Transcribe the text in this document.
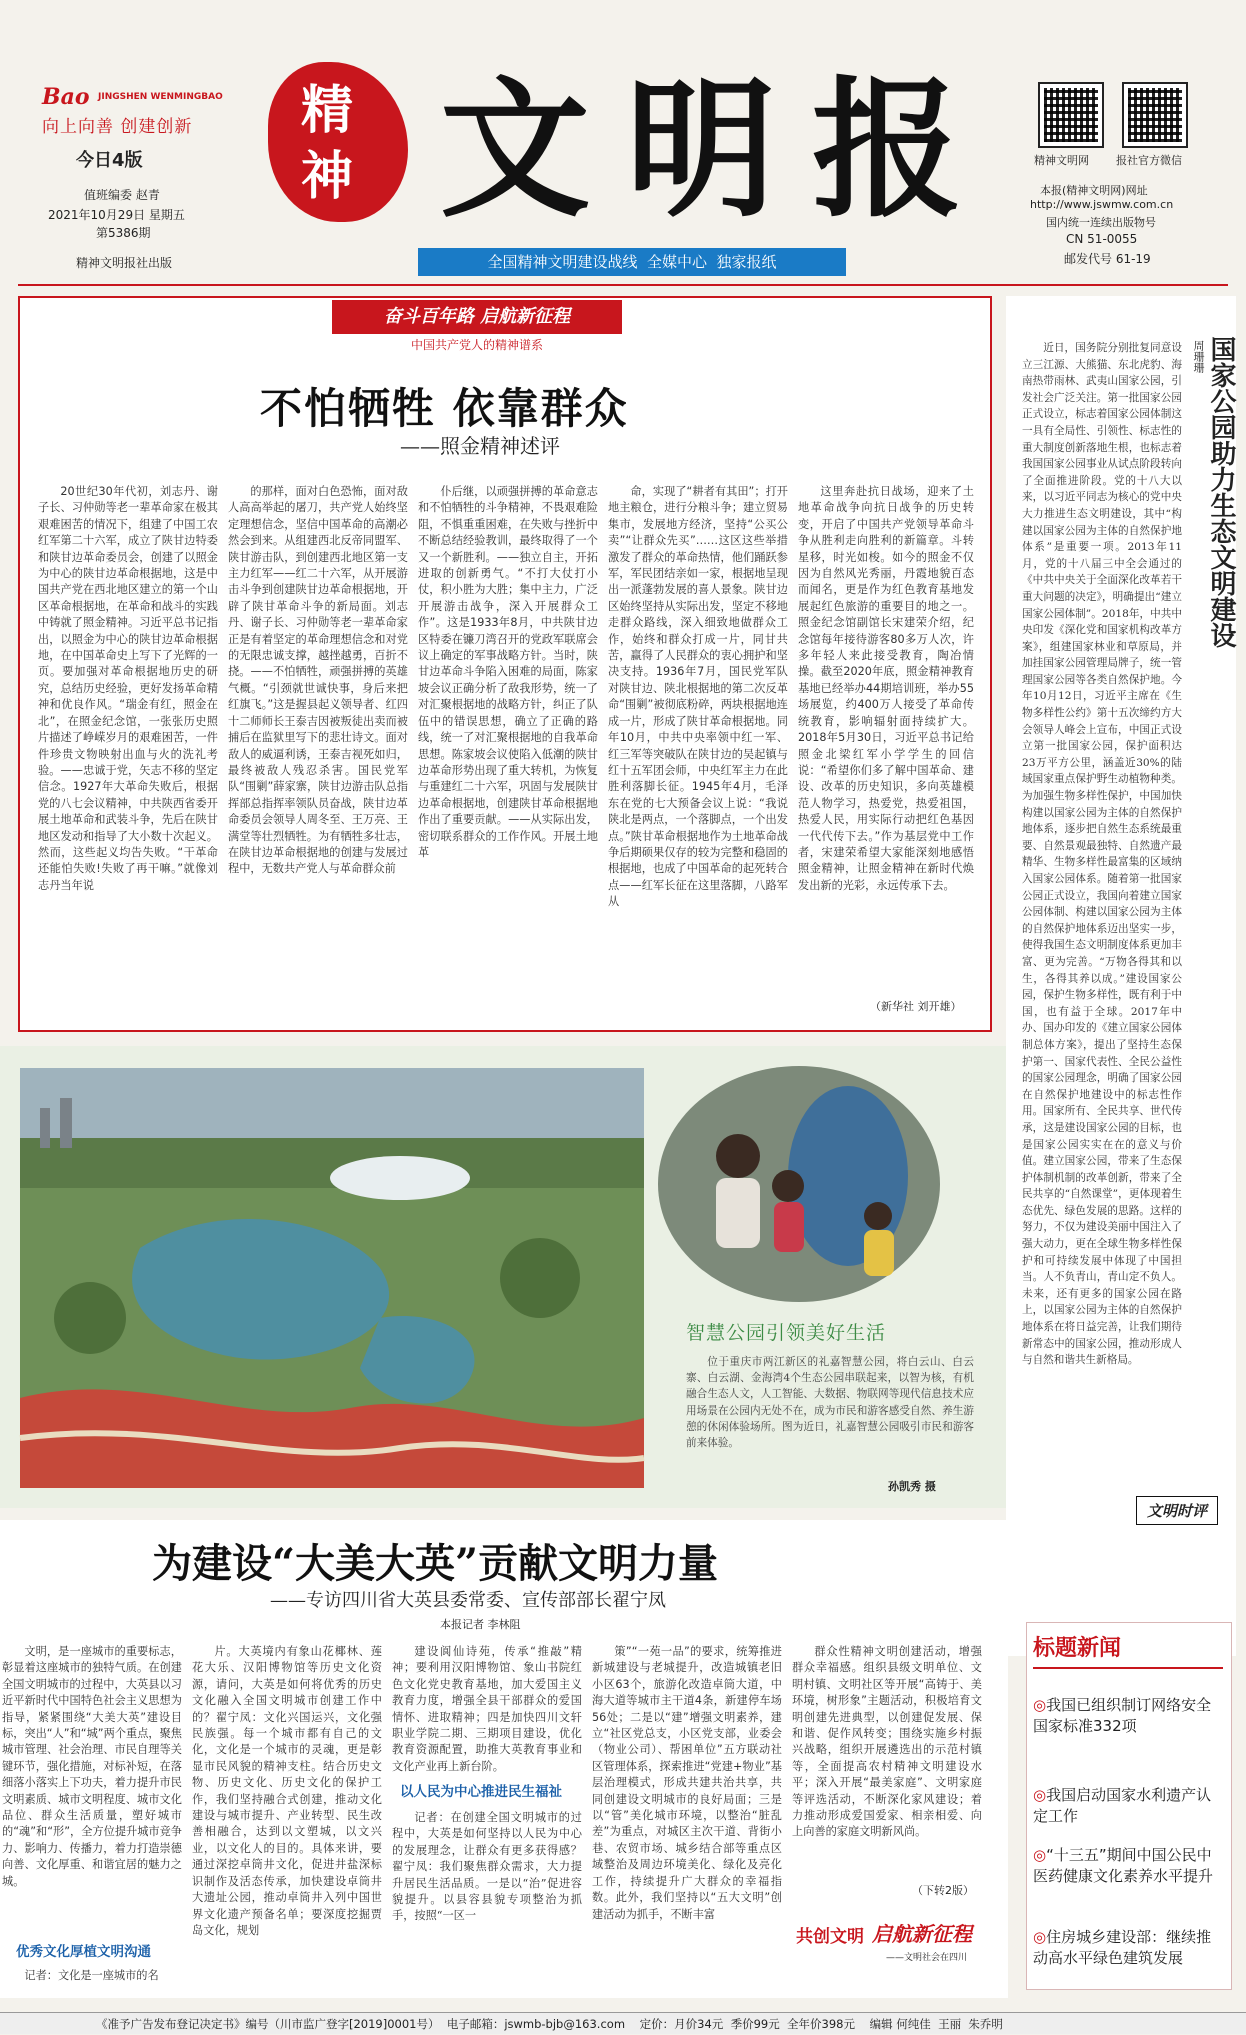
Bao JINGSHEN WENMINGBAO
向上向善 创建创新
今日4版
值班编委 赵青
2021年10月29日 星期五
第5386期
精神文明报社出版
精神 文明报
全国精神文明建设战线  全媒中心  独家报纸
精神文明网 报社官方微信
本报(精神文明网)网址
http://www.jswmw.com.cn
国内统一连续出版物号
CN 51-0055
邮发代号 61-19
奋斗百年路 启航新征程
中国共产党人的精神谱系
不怕牺牲 依靠群众
——照金精神述评

20世纪30年代初，刘志丹、谢子长、习仲勋等老一辈革命家在极其艰难困苦的情况下，组建了中国工农红军第二十六军，成立了陕甘边特委和陕甘边革命委员会，创建了以照金为中心的陕甘边革命根据地，这是中国共产党在西北地区建立的第一个山区革命根据地，在革命和战斗的实践中铸就了照金精神。习近平总书记指出，以照金为中心的陕甘边革命根据地，在中国革命史上写下了光辉的一页。要加强对革命根据地历史的研究，总结历史经验，更好发扬革命精神和优良作风。“瑞金有红，照金在北”，在照金纪念馆，一张张历史照片描述了峥嵘岁月的艰难困苦，一件件珍贵文物映射出血与火的洗礼考验。——忠诚于党，矢志不移的坚定信念。1927年大革命失败后，根据党的八七会议精神，中共陕西省委开展土地革命和武装斗争，先后在陕甘地区发动和指导了大小数十次起义。然而，这些起义均告失败。“干革命还能怕失败!失败了再干嘛。”就像刘志丹当年说

的那样，面对白色恐怖，面对敌人高高举起的屠刀，共产党人始终坚定理想信念，坚信中国革命的高潮必然会到来。从组建西北反帝同盟军、陕甘游击队，到创建西北地区第一支主力红军——红二十六军，从开展游击斗争到创建陕甘边革命根据地，开辟了陕甘革命斗争的新局面。刘志丹、谢子长、习仲勋等老一辈革命家正是有着坚定的革命理想信念和对党的无限忠诚支撑，越挫越勇，百折不挠。——不怕牺牲，顽强拼搏的英雄气概。“引颈就世诚快事，身后来把红旗飞。”这是握县起义领导者、红四十二师师长王泰吉因被叛徒出卖而被捕后在监狱里写下的悲壮诗文。面对敌人的威逼利诱，王泰吉视死如归，最终被敌人残忍杀害。国民党军队“围剿”薛家寨，陕甘边游击队总指挥部总指挥率领队员奋战，陕甘边革命委员会领导人周冬至、王万亮、王满堂等壮烈牺牲。为有牺牲多壮志，在陕甘边革命根据地的创建与发展过程中，无数共产党人与革命群众前

仆后继，以顽强拼搏的革命意志和不怕牺牲的斗争精神，不畏艰难险阻，不惧重重困难，在失败与挫折中不断总结经验教训，最终取得了一个又一个新胜利。——独立自主，开拓进取的创新勇气。“不打大仗打小仗，积小胜为大胜；集中主力，广泛开展游击战争，深入开展群众工作”。这是1933年8月，中共陕甘边区特委在镰刀湾召开的党政军联席会议上确定的军事战略方针。当时，陕甘边革命斗争陷入困难的局面，陈家坡会议正确分析了敌我形势，统一了对汇聚根据地的战略方针，纠正了队伍中的错误思想，确立了正确的路线，统一了对汇聚根据地的自我革命思想。陈家坡会议使陷入低潮的陕甘边革命形势出现了重大转机，为恢复与重建红二十六军，巩固与发展陕甘边革命根据地，创建陕甘革命根据地作出了重要贡献。——从实际出发，密切联系群众的工作作风。开展土地革

命，实现了“耕者有其田”；打开地主粮仓，进行分粮斗争；建立贸易集市，发展地方经济，坚持“公买公卖”“让群众先买”……这区这些举措激发了群众的革命热情，他们踊跃参军，军民团结亲如一家，根据地呈现出一派蓬勃发展的喜人景象。陕甘边区始终坚持从实际出发，坚定不移地走群众路线，深入细致地做群众工作，始终和群众打成一片，同甘共苦，赢得了人民群众的衷心拥护和坚决支持。1936年7月，国民党军队对陕甘边、陕北根据地的第二次反革命“围剿”被彻底粉碎，两块根据地连成一片，形成了陕甘革命根据地。同年10月，中共中央率领中红一军、红三军等突破队在陕甘边的吴起镇与红十五军团会师，中央红军主力在此胜利落脚长征。1945年4月，毛泽东在党的七大预备会议上说：“我说陕北是两点，一个落脚点，一个出发点。”陕甘革命根据地作为土地革命战争后期硕果仅存的较为完整和稳固的根据地，也成了中国革命的起死转合点——红军长征在这里落脚，八路军从

这里奔赴抗日战场，迎来了土地革命战争向抗日战争的历史转变，开启了中国共产党领导革命斗争从胜利走向胜利的新篇章。斗转星移，时光如梭。如今的照金不仅因为自然风光秀丽，丹霞地貌百态而闻名，更是作为红色教育基地发展起红色旅游的重要目的地之一。照金纪念馆副馆长宋建荣介绍，纪念馆每年接待游客80多万人次，许多年轻人来此接受教育，陶冶情操。截至2020年底，照金精神教育基地已经举办44期培训班，举办55场展览，约400万人接受了革命传统教育，影响辐射面持续扩大。2018年5月30日，习近平总书记给照金北梁红军小学学生的回信说：“希望你们多了解中国革命、建设、改革的历史知识，多向英雄模范人物学习，热爱党，热爱祖国，热爱人民，用实际行动把红色基因一代代传下去。”作为基层党中工作者，宋建荣希望大家能深刻地感悟照金精神，让照金精神在新时代焕发出新的光彩，永远传承下去。

（新华社 刘开雄）
智慧公园引领美好生活
位于重庆市两江新区的礼嘉智慧公园，将白云山、白云寨、白云湖、金海湾4个生态公园串联起来，以智为核，有机融合生态人文，人工智能、大数据、物联网等现代信息技术应用场景在公园内无处不在，成为市民和游客感受自然、养生游憩的休闲体验场所。图为近日，礼嘉智慧公园吸引市民和游客前来体验。
孙凯秀 摄
为建设“大美大英”贡献文明力量
——专访四川省大英县委常委、宣传部部长翟宁凤
本报记者 李林阻

文明，是一座城市的重要标志，彰显着这座城市的独特气质。在创建全国文明城市的过程中，大英县以习近平新时代中国特色社会主义思想为指导，紧紧围绕“大美大英”建设目标，突出“人”和“城”两个重点，聚焦城市管理、社会治理、市民自理等关键环节，强化措施，对标补短，在落细落小落实上下功夫，着力提升市民文明素质、城市文明程度、城市文化品位、群众生活质量，塑好城市的“魂”和“形”，全方位提升城市竞争力、影响力、传播力，着力打造崇德向善、文化厚重、和谐宜居的魅力之城。

优秀文化厚植文明沟通

记者：文化是一座城市的名

片。大英境内有象山花椰林、莲花大乐、汉阳博物馆等历史文化资源，请问，大英是如何将优秀的历史文化融入全国文明城市创建工作中的？翟宁凤：文化兴国运兴，文化强民族强。每一个城市都有自己的文化，文化是一个城市的灵魂，更是彰显市民风貌的精神支柱。结合历史文物、历史文化、历史文化的保护工作，我们坚持融合式创建，推动文化建设与城市提升、产业转型、民生改善相融合，达到以文塑城，以文兴业，以文化人的目的。具体来讲，要通过深挖卓筒井文化，促进井盐深标识制作及活态传承，加快建设卓筒井大遗址公园，推动卓筒井入列中国世界文化遗产预备名单；要深度挖掘贾岛文化，规划

建设阆仙诗苑，传承“推敲”精神；要利用汉阳博物馆、象山书院红色文化党史教育基地，加大爱国主义教育力度，增强全县干部群众的爱国情怀、进取精神；四是加快四川文轩职业学院二期、三期项目建设，优化教育资源配置，助推大英教育事业和文化产业再上新台阶。

以人民为中心推进民生福祉

记者：在创建全国文明城市的过程中，大英是如何坚持以人民为中心的发展理念，让群众有更多获得感？翟宁凤：我们聚焦群众需求，大力提升居民生活品质。一是以“治”促进容貌提升。以县容县貌专项整治为抓手，按照“一区一

策”“一苑一品”的要求，统筹推进新城建设与老城提升，改造城镇老旧小区63个，旅游化改造卓筒大道，中海大道等城市主干道4条，新建停车场56处；二是以“建”增强文明素养，建立“社区党总支，小区党支部，业委会（物业公司）、帮困单位”五方联动社区管理体系，探索推进“党建+物业”基层治理模式，形成共建共治共享，共同创建设文明城市的良好局面；三是以“管”美化城市环境，以整治“脏乱差”为重点，对城区主次干道、背街小巷、农贸市场、城乡结合部等重点区域整治及周边环境美化、绿化及亮化工作，持续提升广大群众的幸福指数。此外，我们坚持以“五大文明”创建活动为抓手，不断丰富

群众性精神文明创建活动，增强群众幸福感。组织县级文明单位、文明村镇、文明社区等开展“高铸于、美环境，树形象”主题活动，积极培育文明创建先进典型，以创建促发展、保和谐、促作风转变；围绕实施乡村振兴战略，组织开展遴选出的示范村镇等，全面提高农村精神文明建设水平；深入开展“最美家庭”、文明家庭等评选活动，不断深化家风建设；着力推动形成爱国爱家、相亲相爱、向上向善的家庭文明新风尚。

（下转2版）
共创文明 启航新征程
——文明社会在四川
国家公园助力生态文明建设
周珊珊

近日，国务院分别批复同意设立三江源、大熊猫、东北虎豹、海南热带雨林、武夷山国家公园，引发社会广泛关注。第一批国家公园正式设立，标志着国家公园体制这一具有全局性、引领性、标志性的重大制度创新落地生根，也标志着我国国家公园事业从试点阶段转向了全面推进阶段。党的十八大以来，以习近平同志为核心的党中央大力推进生态文明建设，其中“构建以国家公园为主体的自然保护地体系”是重要一项。2013年11月，党的十八届三中全会通过的《中共中央关于全面深化改革若干重大问题的决定》，明确提出“建立国家公园体制”。2018年，中共中央印发《深化党和国家机构改革方案》，组建国家林业和草原局，并加挂国家公园管理局牌子，统一管理国家公园等各类自然保护地。今年10月12日，习近平主席在《生物多样性公约》第十五次缔约方大会领导人峰会上宣布，中国正式设立第一批国家公园，保护面积达23万平方公里，涵盖近30%的陆域国家重点保护野生动植物种类。为加强生物多样性保护，中国加快构建以国家公园为主体的自然保护地体系，逐步把自然生态系统最重要、自然景观最独特、自然遗产最精华、生物多样性最富集的区域纳入国家公园体系。随着第一批国家公园正式设立，我国向着建立国家公园体制、构建以国家公园为主体的自然保护地体系迈出坚实一步，使得我国生态文明制度体系更加丰富、更为完善。“万物各得其和以生，各得其养以成。”建设国家公园，保护生物多样性，既有利于中国，也有益于全球。2017年中办、国办印发的《建立国家公园体制总体方案》，提出了坚持生态保护第一、国家代表性、全民公益性的国家公园理念，明确了国家公园在自然保护地建设中的标志性作用。国家所有、全民共享、世代传承，这是建设国家公园的目标，也是国家公园实实在在的意义与价值。建立国家公园，带来了生态保护体制机制的改革创新，带来了全民共享的“自然课堂”，更体现着生态优先、绿色发展的思路。这样的努力，不仅为建设美丽中国注入了强大动力，更在全球生物多样性保护和可持续发展中体现了中国担当。人不负青山，青山定不负人。未来，还有更多的国家公园在路上，以国家公园为主体的自然保护地体系在将日益完善，让我们期待新常态中的国家公园，推动形成人与自然和谐共生新格局。

文明时评
标题新闻
◎我国已组织制订网络安全国家标准332项
◎我国启动国家水利遗产认定工作
◎“十三五”期间中国公民中医药健康文化素养水平提升
◎住房城乡建设部：继续推动高水平绿色建筑发展
《准予广告发布登记决定书》编号（川市监广登字[2019]0001号）  电子邮箱：jswmb-bjb@163.com    定价：月价34元  季价99元  全年价398元    编辑 何纯佳  王丽  朱乔明
